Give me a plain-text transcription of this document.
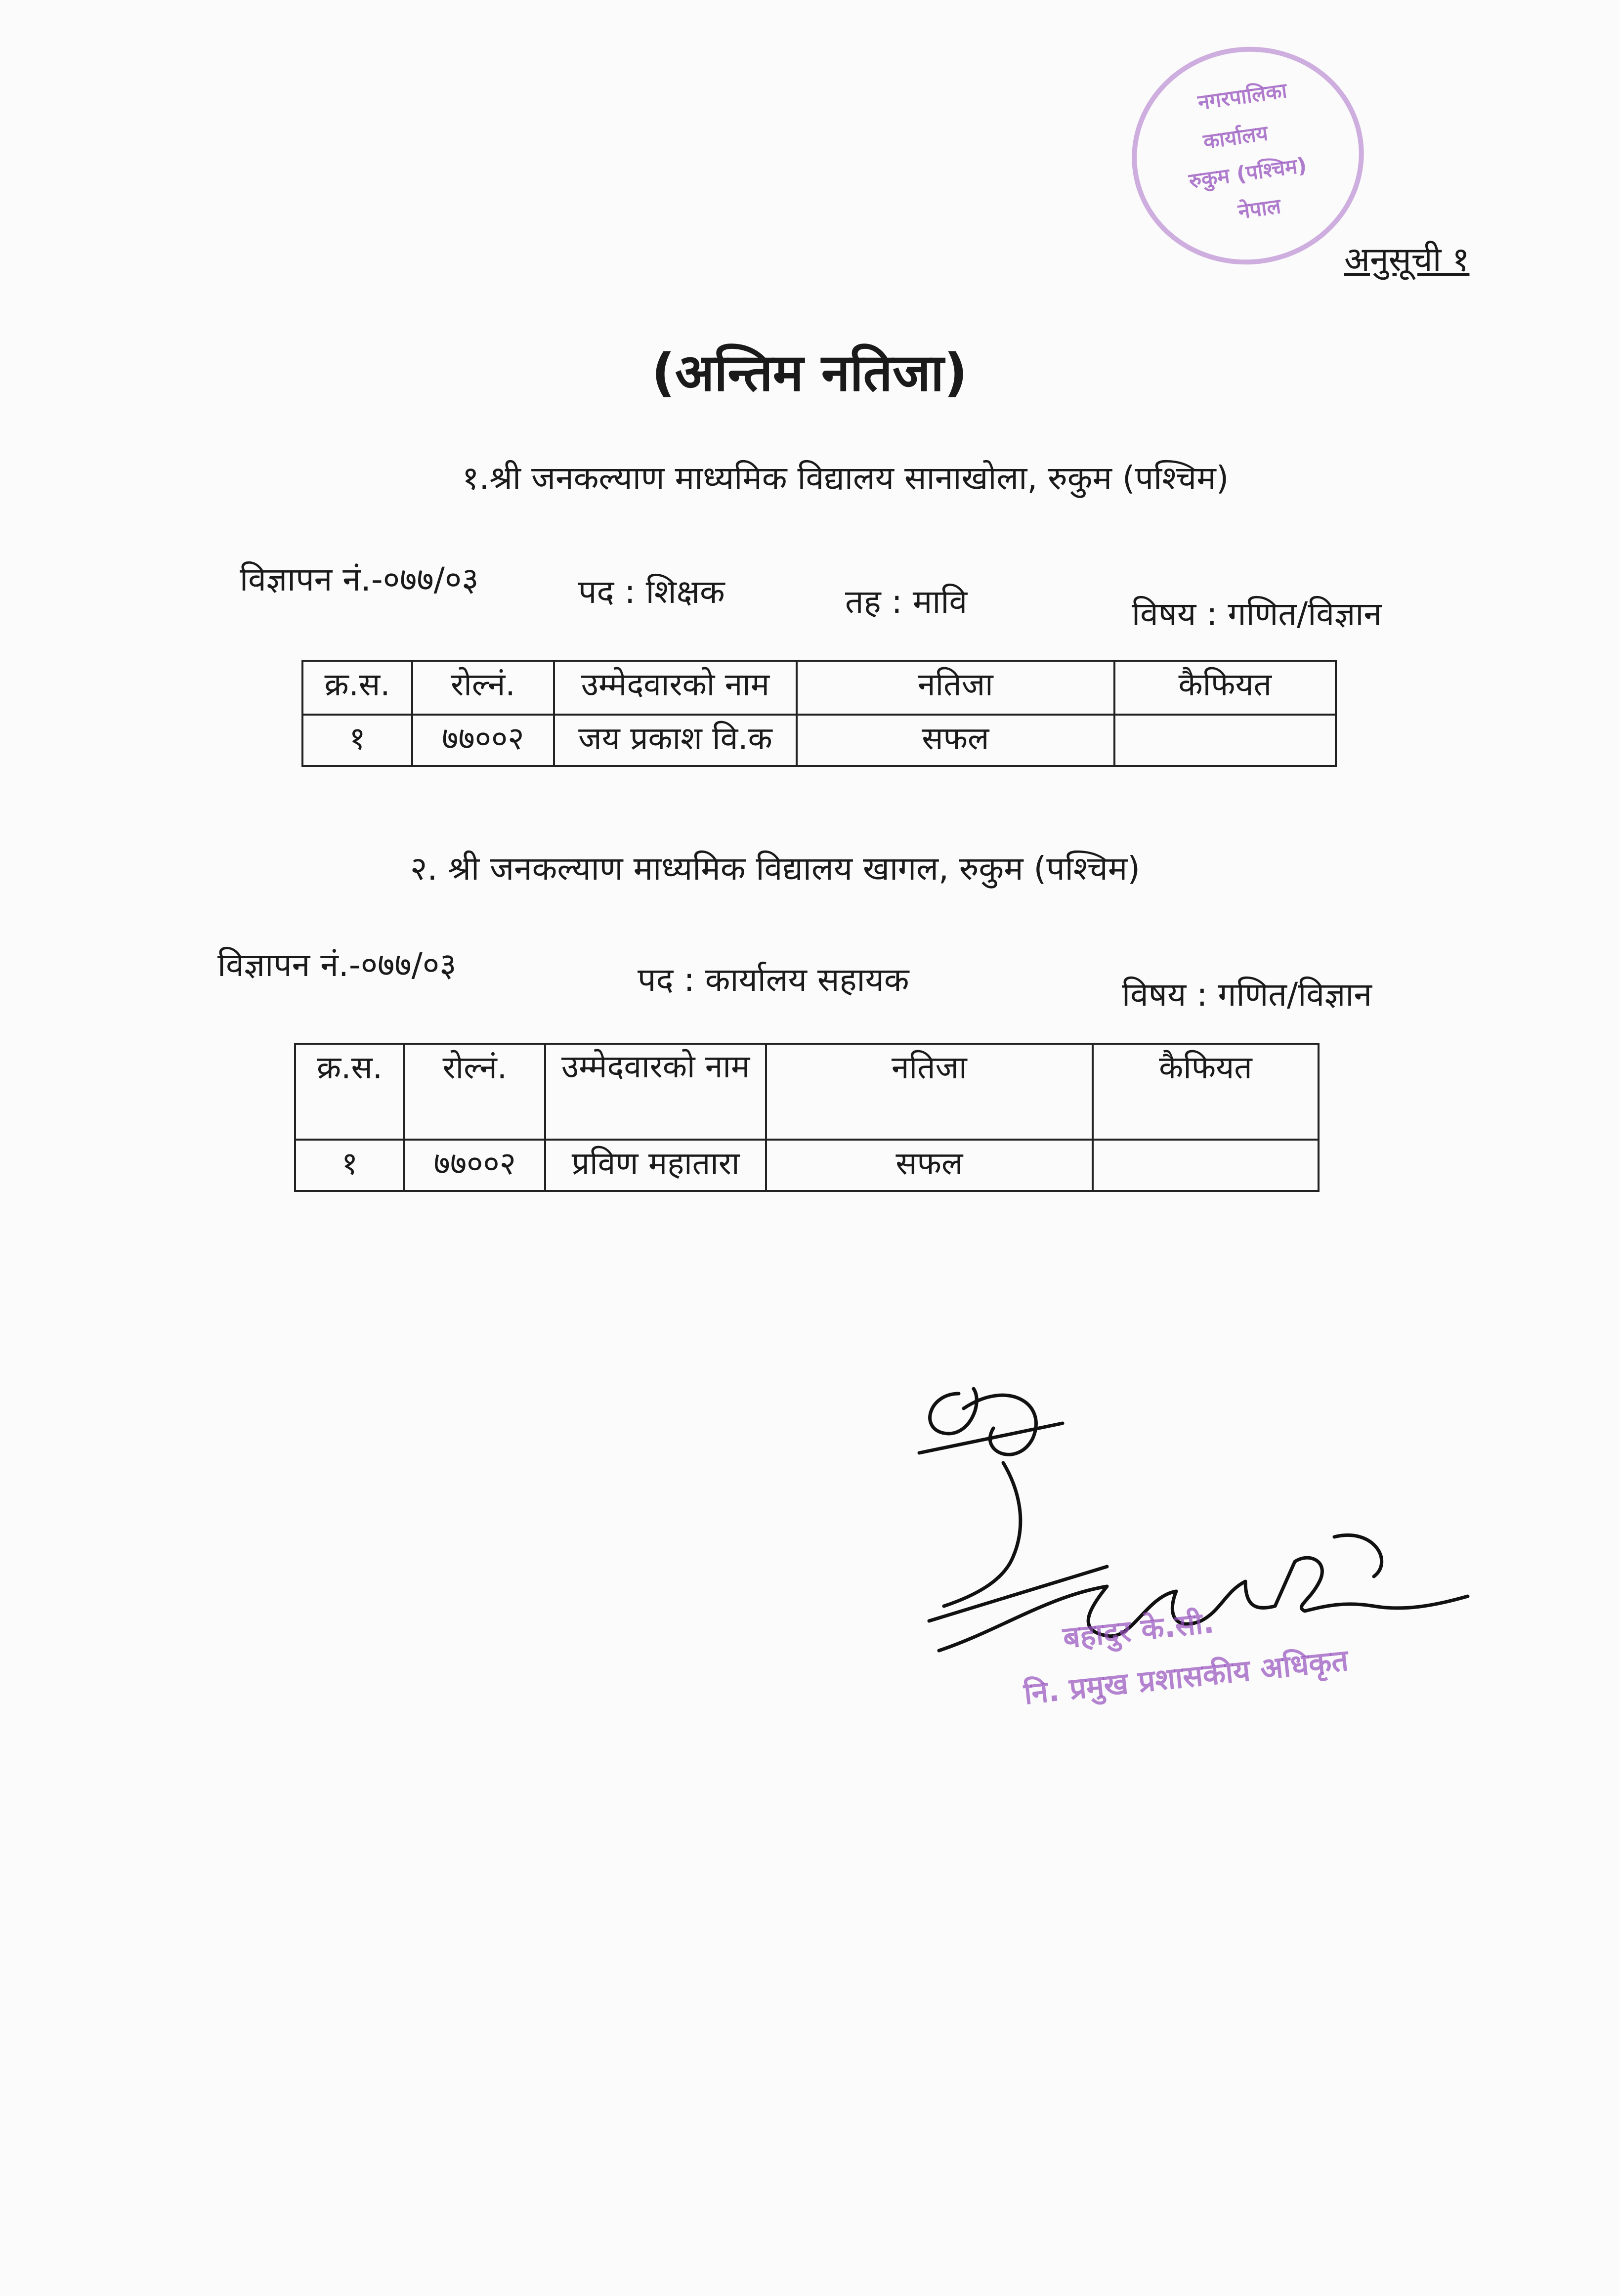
नगरपालिका
कार्यालय
रुकुम (पश्चिम)
नेपाल
अनुसूची १
(अन्तिम नतिजा)
१.श्री जनकल्याण माध्यमिक विद्यालय सानाखोला, रुकुम (पश्चिम)
विज्ञापन नं.-०७७/०३	पद : शिक्षक	तह : मावि	विषय : गणित/विज्ञान
क्र.स.	रोल्नं.	उम्मेदवारको नाम	नतिजा	कैफियत
१	७७००२	जय प्रकाश वि.क	सफल	
२. श्री जनकल्याण माध्यमिक विद्यालय खागल, रुकुम (पश्चिम)
विज्ञापन नं.-०७७/०३	पद : कार्यालय सहायक	विषय : गणित/विज्ञान
क्र.स.	रोल्नं.	उम्मेदवारको नाम	नतिजा	कैफियत
१	७७००२	प्रविण महातारा	सफल	
बहादुर के.सी.
नि. प्रमुख प्रशासकीय अधिकृत
